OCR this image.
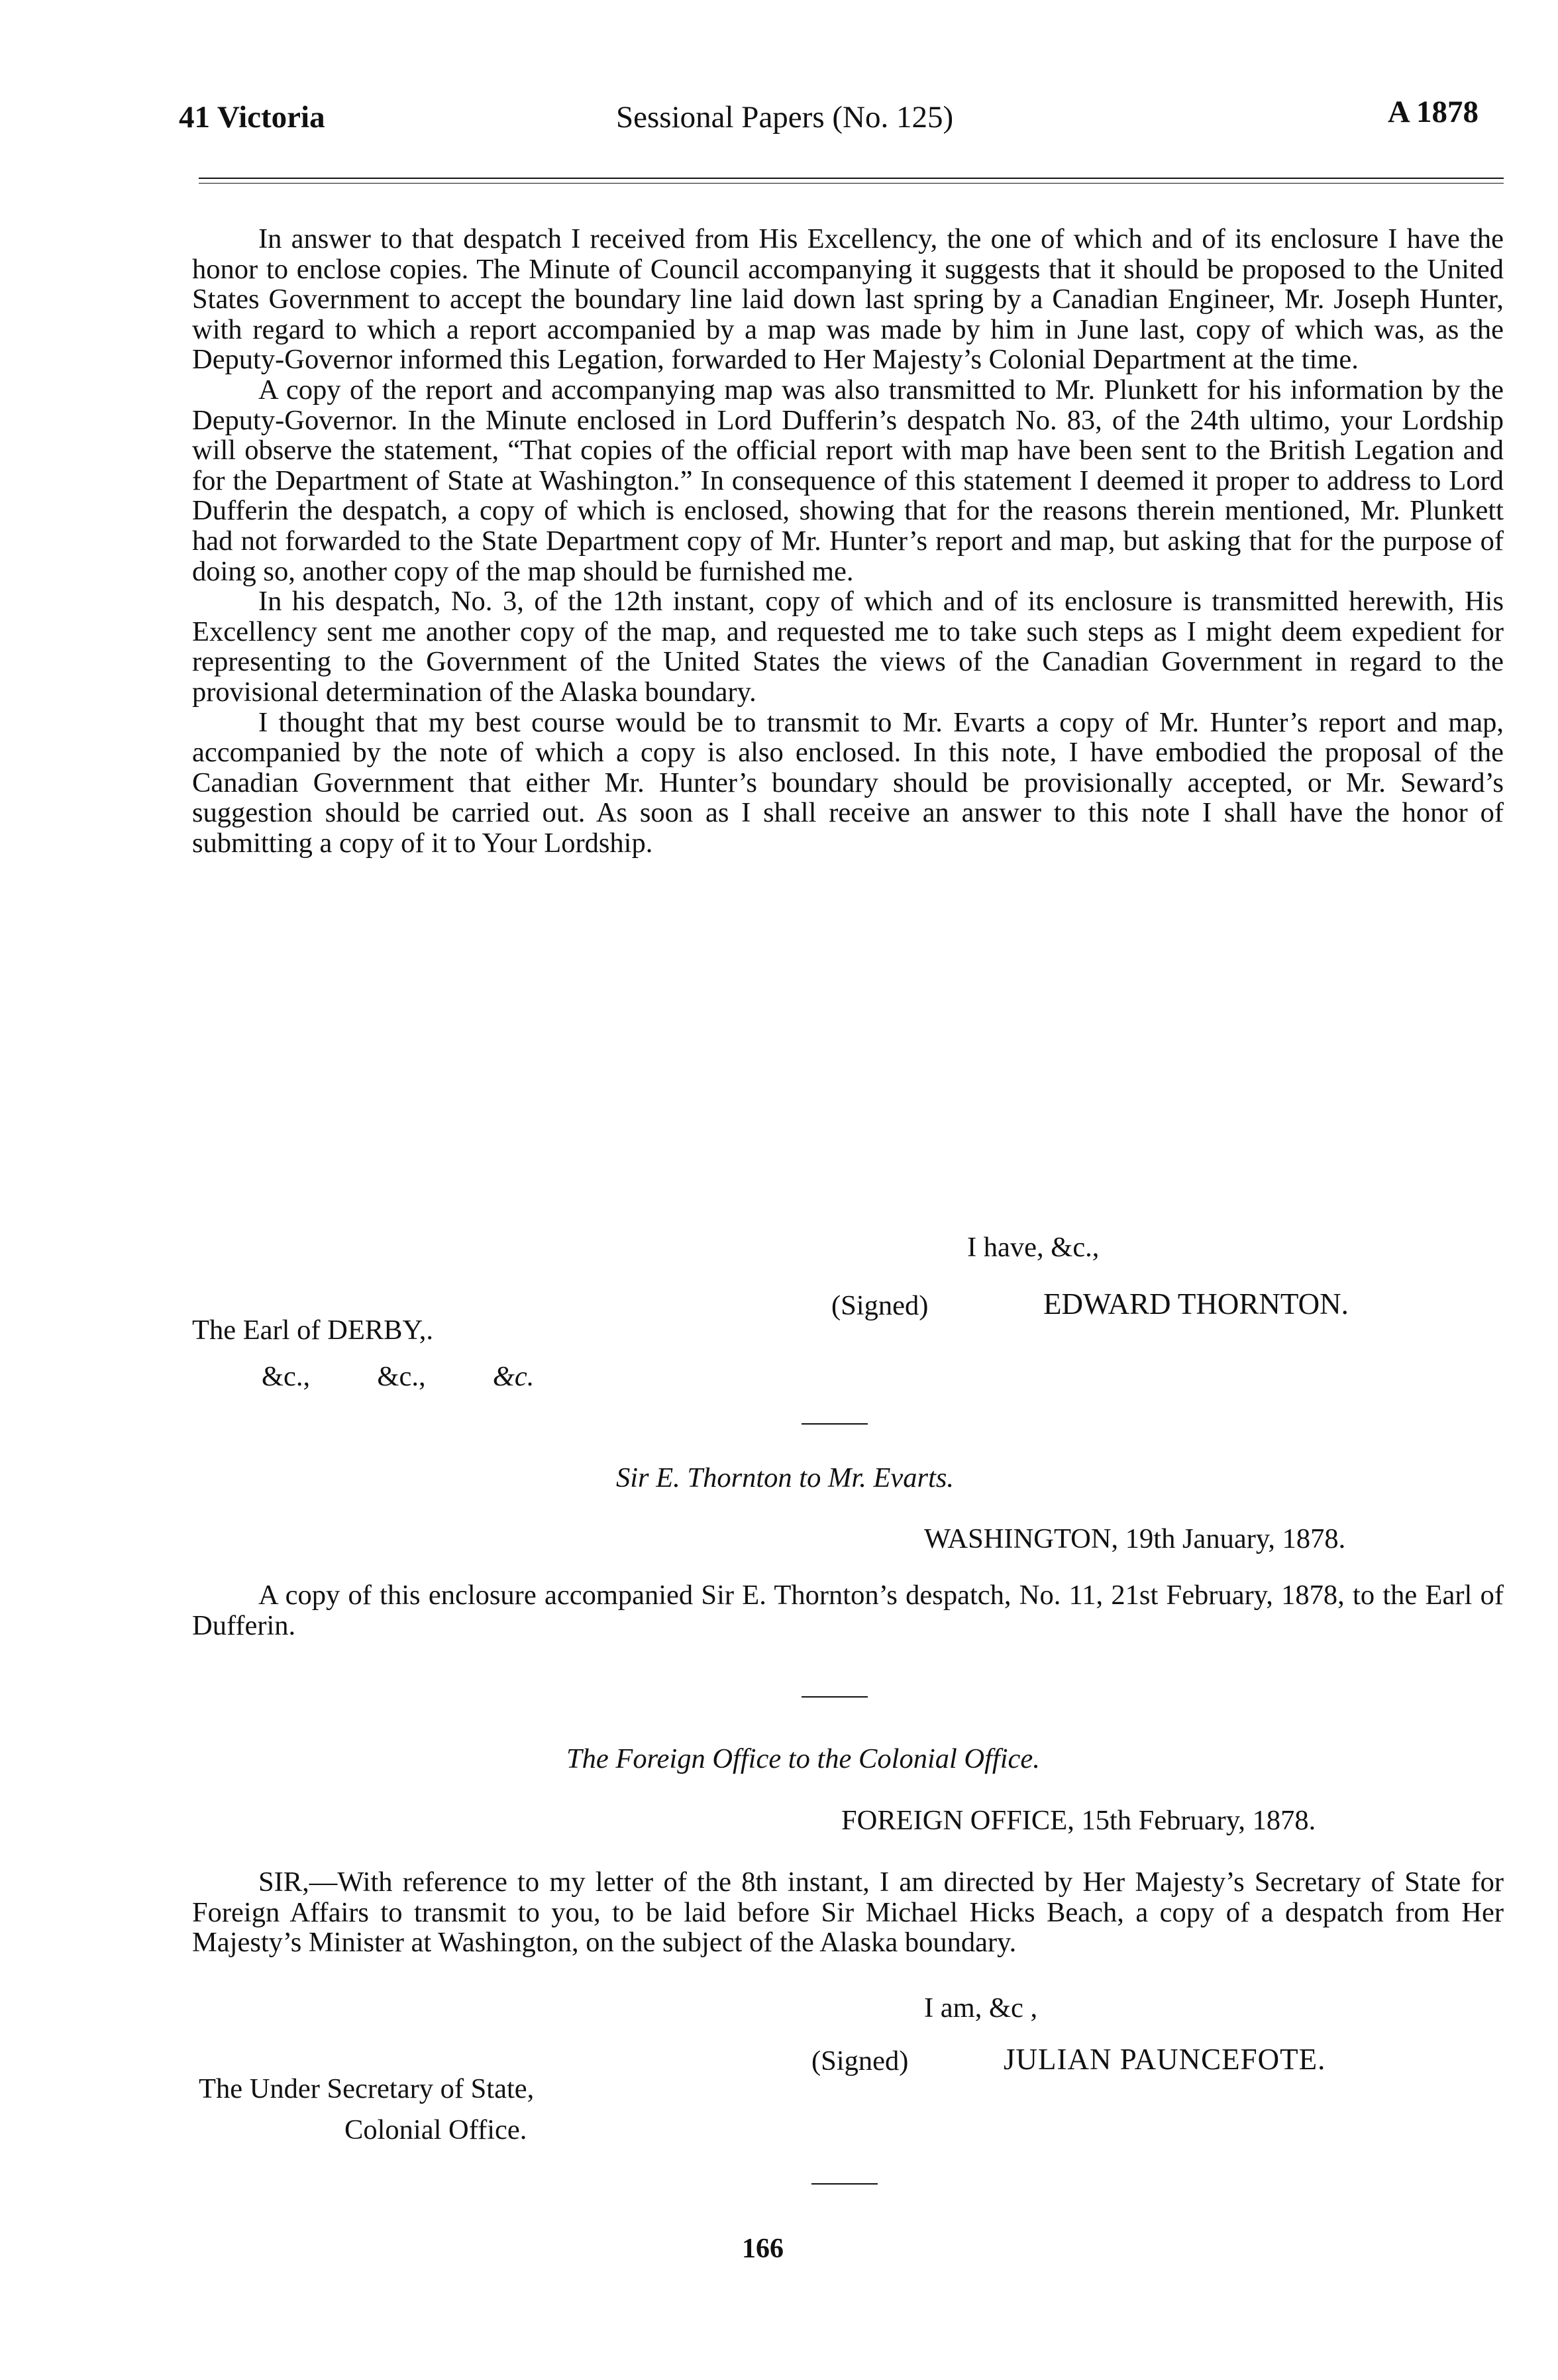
41 Victoria	Sessional Papers (No. 125)	A 1878

In answer to that despatch I received from His Excellency, the one of which and of its enclosure I have the honor to enclose copies. The Minute of Council accompanying it suggests that it should be proposed to the United States Government to accept the boundary line laid down last spring by a Canadian Engineer, Mr. Joseph Hunter, with regard to which a report accompanied by a map was made by him in June last, copy of which was, as the Deputy-Governor informed this Legation, forwarded to Her Majesty’s Colonial Department at the time.

A copy of the report and accompanying map was also transmitted to Mr. Plunkett for his information by the Deputy-Governor. In the Minute enclosed in Lord Dufferin’s despatch No. 83, of the 24th ultimo, your Lordship will observe the statement, “That copies of the official report with map have been sent to the British Legation and for the Department of State at Washington.” In consequence of this statement I deemed it proper to address to Lord Dufferin the despatch, a copy of which is enclosed, showing that for the reasons therein mentioned, Mr. Plunkett had not forwarded to the State Department copy of Mr. Hunter’s report and map, but asking that for the purpose of doing so, another copy of the map should be furnished me.

In his despatch, No. 3, of the 12th instant, copy of which and of its enclosure is transmitted herewith, His Excellency sent me another copy of the map, and requested me to take such steps as I might deem expedient for representing to the Government of the United States the views of the Canadian Government in regard to the provisional determination of the Alaska boundary.

I thought that my best course would be to transmit to Mr. Evarts a copy of Mr. Hunter’s report and map, accompanied by the note of which a copy is also enclosed. In this note, I have embodied the proposal of the Canadian Government that either Mr. Hunter’s boundary should be provisionally accepted, or Mr. Seward’s suggestion should be carried out. As soon as I shall receive an answer to this note I shall have the honor of submitting a copy of it to Your Lordship.

I have, &c.,
(Signed)	EDWARD THORNTON.
The Earl of DERBY,.
&c., &c., &c.
Sir E. Thornton to Mr. Evarts.
WASHINGTON, 19th January, 1878.

A copy of this enclosure accompanied Sir E. Thornton’s despatch, No. 11, 21st February, 1878, to the Earl of Dufferin.

The Foreign Office to the Colonial Office.
FOREIGN OFFICE, 15th February, 1878.

SIR,—With reference to my letter of the 8th instant, I am directed by Her Majesty’s Secretary of State for Foreign Affairs to transmit to you, to be laid before Sir Michael Hicks Beach, a copy of a despatch from Her Majesty’s Minister at Washington, on the subject of the Alaska boundary.

I am, &c ,
(Signed)	JULIAN PAUNCEFOTE.
The Under Secretary of State,
Colonial Office.
166
